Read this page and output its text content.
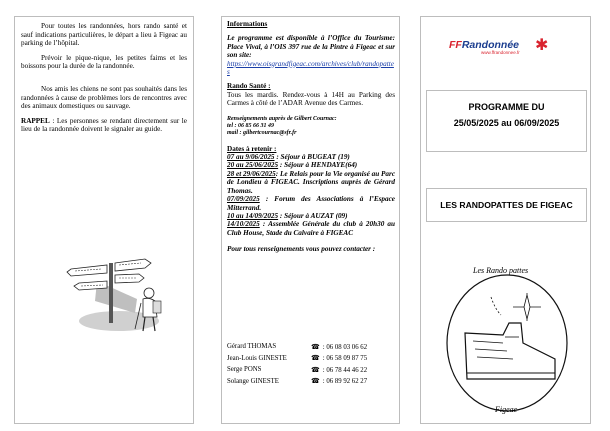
Pour toutes les randonnées, hors rando santé et sauf indications particulières, le départ a lieu à Figeac au parking de l’hôpital.

Prévoir le pique-nique, les petites faims et les boissons pour la durée de la randonnée.

Nos amis les chiens ne sont pas souhaités dans les randonnées à cause de problèmes lors de rencontres avec des animaux domestiques ou sauvage.

RAPPEL : Les personnes se rendant directement sur le lieu de la randonnée doivent le signaler au guide.

Informations
Le programme est disponible à l’Office du Tourisme: Place Vival, à l’OIS 397 rue de la Pintre à Figeac et sur son site:
https://www.oisgrandfigeac.com/archives/club/randopattes
Rando Santé :
Tous les mardis. Rendez-vous à 14H au Parking des Carmes à côté de l’ADAR Avenue des Carmes.
Renseignements auprès de Gilbert Cournac:
tel : 06 85 66 31 49
mail : gilbertcournac@sfr.fr
Dates à retenir :
07 au 9/06/2025 : Séjour à BUGEAT (19)
20 au 25/06/2025 : Séjour à HENDAYE(64)
28 et 29/06/2025: Le Relais pour la Vie organisé au Parc de Londieu à FIGEAC. Inscriptions auprès de Gérard Thomas.
07/09/2025 : Forum des Associations à l’Espace Mitterrand.
10 au 14/09/2025 : Séjour à AUZAT (09)
14/10/2025 : Assemblée Générale du club à 20h30 au Club House, Stade du Calvaire à FIGEAC
Pour tous renseignements vous pouvez contacter :
Gérard THOMAS	☎ : 06 08 03 06 62
Jean-Louis GINESTE	☎ : 06 58 09 87 75
Serge PONS	☎ : 06 78 44 46 22
Solange GINESTE	☎ : 06 89 92 62 27
FFRandonnée	✱
www.ffrandonnee.fr
PROGRAMME DU
25/05/2025 au 06/09/2025
LES RANDOPATTES DE FIGEAC
Les Rando pattes
Figeac
